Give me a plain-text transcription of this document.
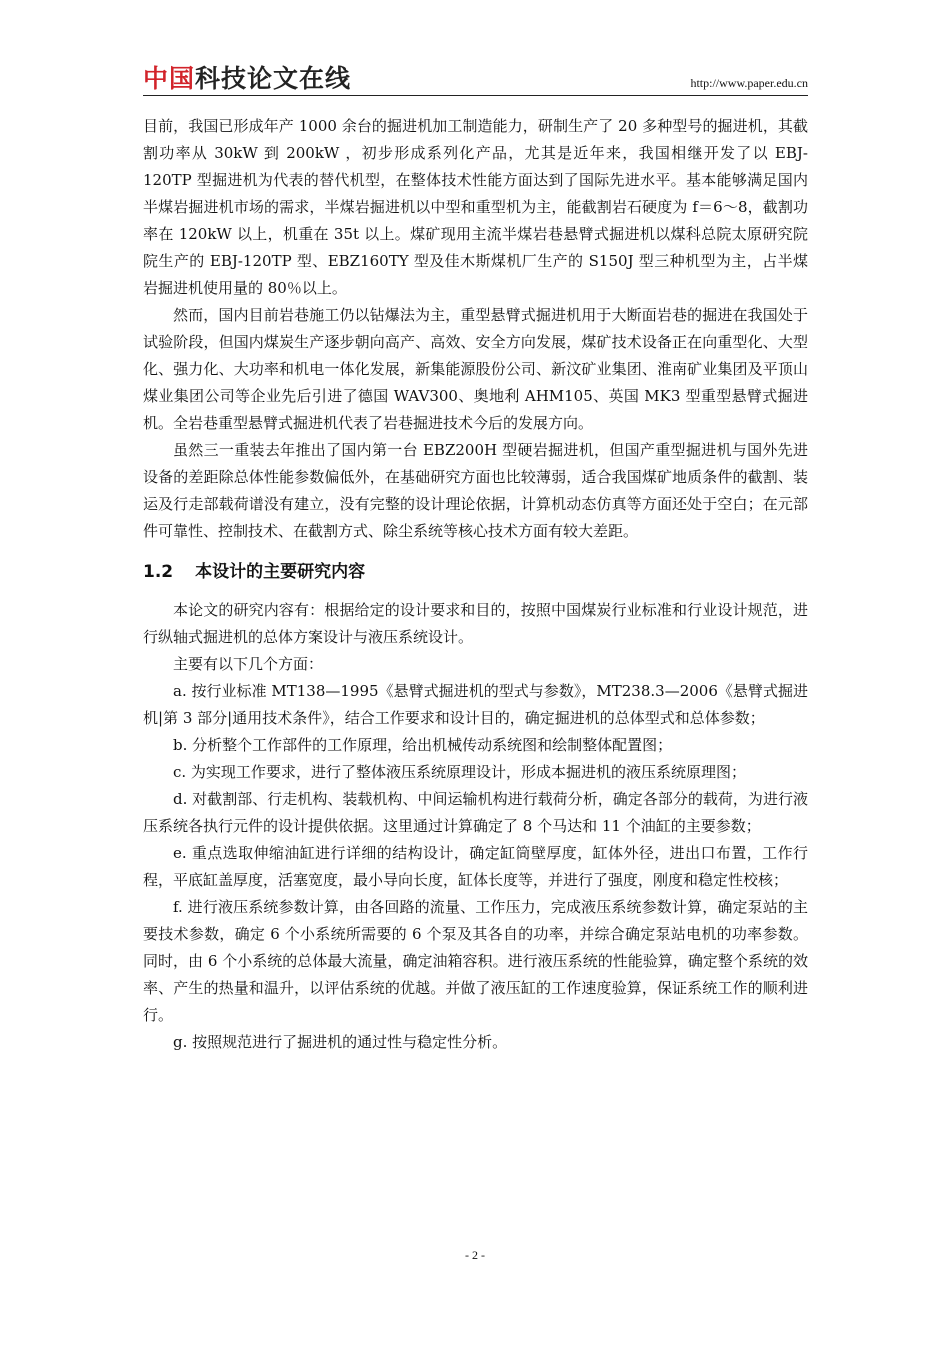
中国科技论文在线	http://www.paper.edu.cn

目前，我国已形成年产 1000 余台的掘进机加工制造能力，研制生产了 20 多种型号的掘进机，其截割功率从 30kW 到 200kW ，初步形成系列化产品，尤其是近年来，我国相继开发了以 EBJ-120TP 型掘进机为代表的替代机型，在整体技术性能方面达到了国际先进水平。基本能够满足国内半煤岩掘进机市场的需求，半煤岩掘进机以中型和重型机为主，能截割岩石硬度为 f＝6～8，截割功率在 120kW 以上，机重在 35t 以上。煤矿现用主流半煤岩巷悬臂式掘进机以煤科总院太原研究院院生产的 EBJ-120TP 型、EBZ160TY 型及佳木斯煤机厂生产的 S150J 型三种机型为主，占半煤岩掘进机使用量的 80％以上。

然而，国内目前岩巷施工仍以钻爆法为主，重型悬臂式掘进机用于大断面岩巷的掘进在我国处于试验阶段，但国内煤炭生产逐步朝向高产、高效、安全方向发展，煤矿技术设备正在向重型化、大型化、强力化、大功率和机电一体化发展，新集能源股份公司、新汶矿业集团、淮南矿业集团及平顶山煤业集团公司等企业先后引进了德国 WAV300、奥地利 AHM105、英国 MK3 型重型悬臂式掘进机。全岩巷重型悬臂式掘进机代表了岩巷掘进技术今后的发展方向。

虽然三一重装去年推出了国内第一台 EBZ200H 型硬岩掘进机，但国产重型掘进机与国外先进设备的差距除总体性能参数偏低外，在基础研究方面也比较薄弱，适合我国煤矿地质条件的截割、装运及行走部载荷谱没有建立，没有完整的设计理论依据，计算机动态仿真等方面还处于空白；在元部件可靠性、控制技术、在截割方式、除尘系统等核心技术方面有较大差距。

1.2 本设计的主要研究内容

本论文的研究内容有：根据给定的设计要求和目的，按照中国煤炭行业标准和行业设计规范，进行纵轴式掘进机的总体方案设计与液压系统设计。

主要有以下几个方面：

a. 按行业标准 MT138—1995《悬臂式掘进机的型式与参数》，MT238.3—2006《悬臂式掘进机|第 3 部分|通用技术条件》，结合工作要求和设计目的，确定掘进机的总体型式和总体参数；

b. 分析整个工作部件的工作原理，给出机械传动系统图和绘制整体配置图；

c. 为实现工作要求，进行了整体液压系统原理设计，形成本掘进机的液压系统原理图；

d. 对截割部、行走机构、装载机构、中间运输机构进行载荷分析，确定各部分的载荷，为进行液压系统各执行元件的设计提供依据。这里通过计算确定了 8 个马达和 11 个油缸的主要参数；

e. 重点选取伸缩油缸进行详细的结构设计，确定缸筒壁厚度，缸体外径，进出口布置，工作行程，平底缸盖厚度，活塞宽度，最小导向长度，缸体长度等，并进行了强度，刚度和稳定性校核；

f. 进行液压系统参数计算，由各回路的流量、工作压力，完成液压系统参数计算，确定泵站的主要技术参数，确定 6 个小系统所需要的 6 个泵及其各自的功率，并综合确定泵站电机的功率参数。同时，由 6 个小系统的总体最大流量，确定油箱容积。进行液压系统的性能验算，确定整个系统的效率、产生的热量和温升，以评估系统的优越。并做了液压缸的工作速度验算，保证系统工作的顺利进行。

g. 按照规范进行了掘进机的通过性与稳定性分析。

- 2 -
